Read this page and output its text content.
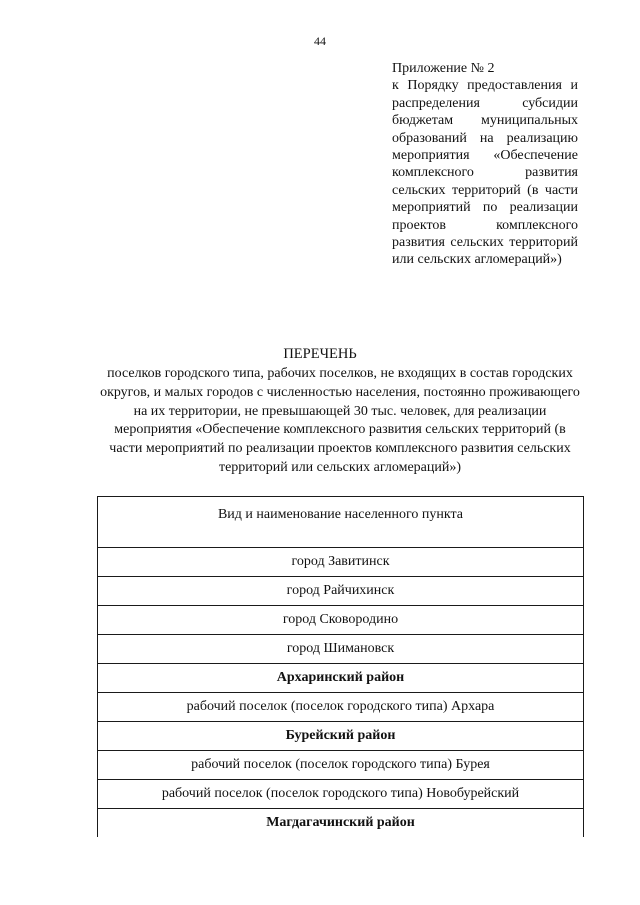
44
Приложение № 2
к Порядку предоставления и распределения субсидии бюджетам муниципальных образований на реализацию мероприятия «Обеспечение комплексного развития сельских территорий (в части мероприятий по реализации проектов комплексного развития сельских территорий или сельских агломераций»)
ПЕРЕЧЕНЬ
поселков городского типа, рабочих поселков, не входящих в состав городских
округов, и малых городов с численностью населения, постоянно проживающего
на их территории, не превышающей 30 тыс. человек, для реализации
мероприятия «Обеспечение комплексного развития сельских территорий (в
части мероприятий по реализации проектов комплексного развития сельских
территорий или сельских агломераций»)
Вид и наименование населенного пункта
город Завитинск
город Райчихинск
город Сковородино
город Шимановск
Архаринский район
рабочий поселок (поселок городского типа) Архара
Бурейский район
рабочий поселок (поселок городского типа) Бурея
рабочий поселок (поселок городского типа) Новобурейский
Магдагачинский район
